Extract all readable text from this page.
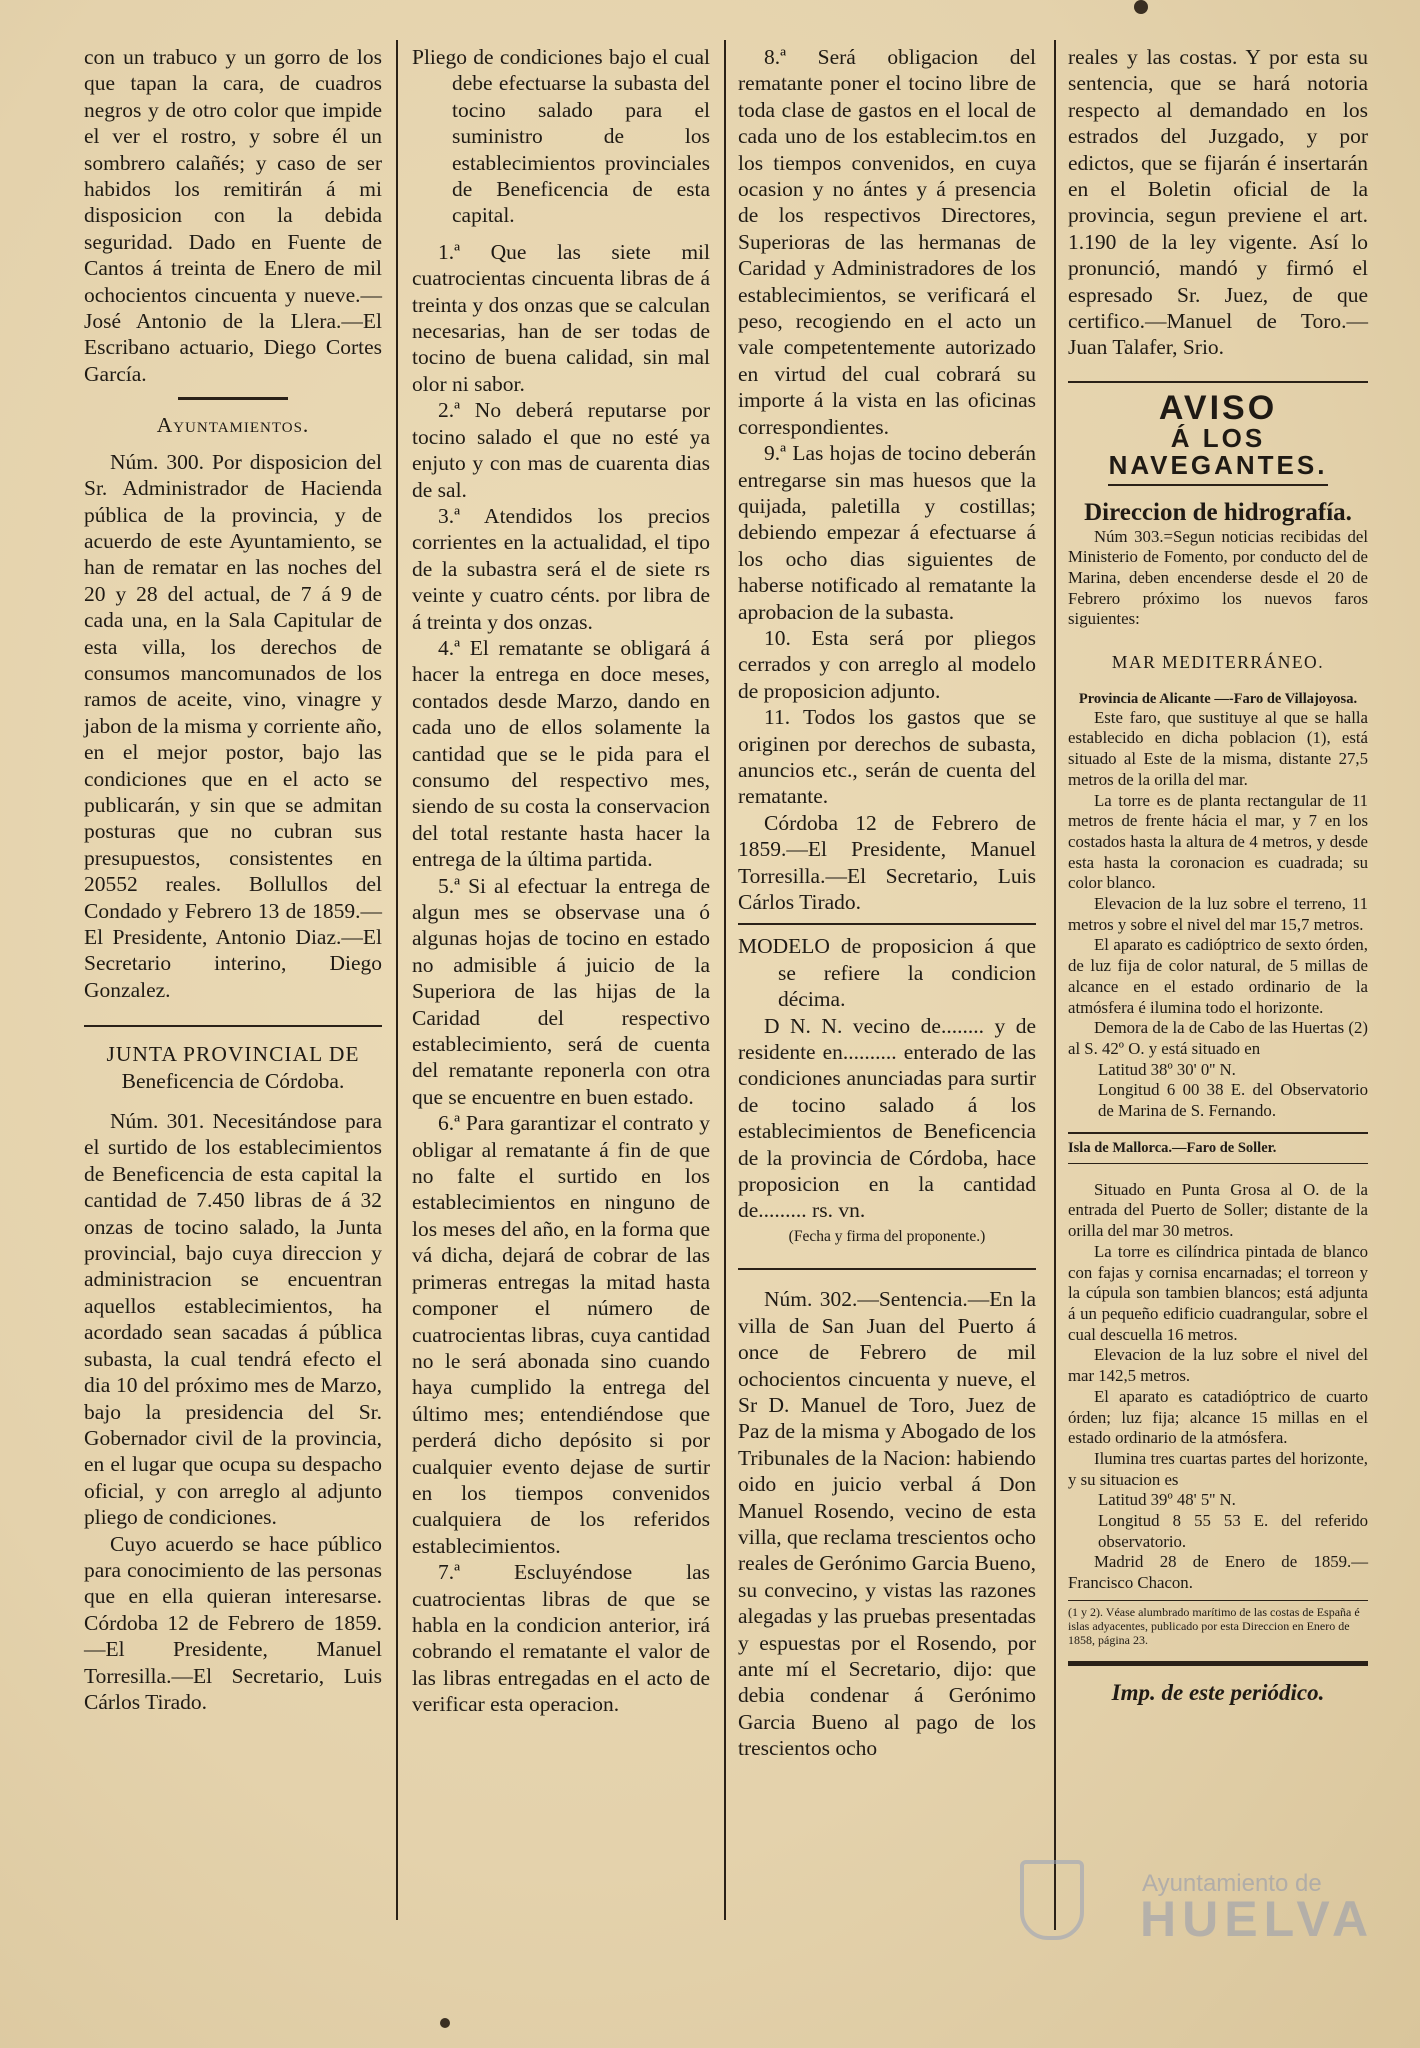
con un trabuco y un gorro de los que tapan la cara, de cuadros negros y de otro color que impide el ver el rostro, y sobre él un sombrero calañés; y caso de ser habidos los remitirán á mi disposicion con la debida seguridad. Dado en Fuente de Cantos á treinta de Enero de mil ochocientos cincuenta y nueve.—José Antonio de la Llera.—El Escribano actuario, Diego Cortes García.

Ayuntamientos.

Núm. 300. Por disposicion del Sr. Administrador de Hacienda pública de la provincia, y de acuerdo de este Ayuntamiento, se han de rematar en las noches del 20 y 28 del actual, de 7 á 9 de cada una, en la Sala Capitular de esta villa, los derechos de consumos mancomunados de los ramos de aceite, vino, vinagre y jabon de la misma y corriente año, en el mejor postor, bajo las condiciones que en el acto se publicarán, y sin que se admitan posturas que no cubran sus presupuestos, consistentes en 20552 reales. Bollullos del Condado y Febrero 13 de 1859.—El Presidente, Antonio Diaz.—El Secretario interino, Diego Gonzalez.

JUNTA PROVINCIAL DE

Beneficencia de Córdoba.

Núm. 301. Necesitándose para el surtido de los establecimientos de Beneficencia de esta capital la cantidad de 7.450 libras de á 32 onzas de tocino salado, la Junta provincial, bajo cuya direccion y administracion se encuentran aquellos establecimientos, ha acordado sean sacadas á pública subasta, la cual tendrá efecto el dia 10 del próximo mes de Marzo, bajo la presidencia del Sr. Gobernador civil de la provincia, en el lugar que ocupa su despacho oficial, y con arreglo al adjunto pliego de condiciones.

Cuyo acuerdo se hace público para conocimiento de las personas que en ella quieran interesarse. Córdoba 12 de Febrero de 1859.—El Presidente, Manuel Torresilla.—El Secretario, Luis Cárlos Tirado.

Pliego de condiciones bajo el cual debe efectuarse la subasta del tocino salado para el suministro de los establecimientos provinciales de Beneficencia de esta capital.

1.ª Que las siete mil cuatrocientas cincuenta libras de á treinta y dos onzas que se calculan necesarias, han de ser todas de tocino de buena calidad, sin mal olor ni sabor.

2.ª No deberá reputarse por tocino salado el que no esté ya enjuto y con mas de cuarenta dias de sal.

3.ª Atendidos los precios corrientes en la actualidad, el tipo de la subastra será el de siete rs veinte y cuatro cénts. por libra de á treinta y dos onzas.

4.ª El rematante se obligará á hacer la entrega en doce meses, contados desde Marzo, dando en cada uno de ellos solamente la cantidad que se le pida para el consumo del respectivo mes, siendo de su costa la conservacion del total restante hasta hacer la entrega de la última partida.

5.ª Si al efectuar la entrega de algun mes se observase una ó algunas hojas de tocino en estado no admisible á juicio de la Superiora de las hijas de la Caridad del respectivo establecimiento, será de cuenta del rematante reponerla con otra que se encuentre en buen estado.

6.ª Para garantizar el contrato y obligar al rematante á fin de que no falte el surtido en los establecimientos en ninguno de los meses del año, en la forma que vá dicha, dejará de cobrar de las primeras entregas la mitad hasta componer el número de cuatrocientas libras, cuya cantidad no le será abonada sino cuando haya cumplido la entrega del último mes; entendiéndose que perderá dicho depósito si por cualquier evento dejase de surtir en los tiempos convenidos cualquiera de los referidos establecimientos.

7.ª Escluyéndose las cuatrocientas libras de que se habla en la condicion anterior, irá cobrando el rematante el valor de las libras entregadas en el acto de verificar esta operacion.

8.ª Será obligacion del rematante poner el tocino libre de toda clase de gastos en el local de cada uno de los establecim.tos en los tiempos convenidos, en cuya ocasion y no ántes y á presencia de los respectivos Directores, Superioras de las hermanas de Caridad y Administradores de los establecimientos, se verificará el peso, recogiendo en el acto un vale competentemente autorizado en virtud del cual cobrará su importe á la vista en las oficinas correspondientes.

9.ª Las hojas de tocino deberán entregarse sin mas huesos que la quijada, paletilla y costillas; debiendo empezar á efectuarse á los ocho dias siguientes de haberse notificado al rematante la aprobacion de la subasta.

10. Esta será por pliegos cerrados y con arreglo al modelo de proposicion adjunto.

11. Todos los gastos que se originen por derechos de subasta, anuncios etc., serán de cuenta del rematante.

Córdoba 12 de Febrero de 1859.—El Presidente, Manuel Torresilla.—El Secretario, Luis Cárlos Tirado.

MODELO de proposicion á que se refiere la condicion décima.

D N. N. vecino de........ y de residente en.......... enterado de las condiciones anunciadas para surtir de tocino salado á los establecimientos de Beneficencia de la provincia de Córdoba, hace proposicion en la cantidad de......... rs. vn.

(Fecha y firma del proponente.)

Núm. 302.—Sentencia.—En la villa de San Juan del Puerto á once de Febrero de mil ochocientos cincuenta y nueve, el Sr D. Manuel de Toro, Juez de Paz de la misma y Abogado de los Tribunales de la Nacion: habiendo oido en juicio verbal á Don Manuel Rosendo, vecino de esta villa, que reclama trescientos ocho reales de Gerónimo Garcia Bueno, su convecino, y vistas las razones alegadas y las pruebas presentadas y espuestas por el Rosendo, por ante mí el Secretario, dijo: que debia condenar á Gerónimo Garcia Bueno al pago de los trescientos ocho

reales y las costas. Y por esta su sentencia, que se hará notoria respecto al demandado en los estrados del Juzgado, y por edictos, que se fijarán é insertarán en el Boletin oficial de la provincia, segun previene el art. 1.190 de la ley vigente. Así lo pronunció, mandó y firmó el espresado Sr. Juez, de que certifico.—Manuel de Toro.—Juan Talafer, Srio.

AVISO

Á LOS NAVEGANTES.

Direccion de hidrografía.

Núm 303.=Segun noticias recibidas del Ministerio de Fomento, por conducto del de Marina, deben encenderse desde el 20 de Febrero próximo los nuevos faros siguientes:

MAR MEDITERRÁNEO.

Provincia de Alicante —-Faro de Villajoyosa.

Este faro, que sustituye al que se halla establecido en dicha poblacion (1), está situado al Este de la misma, distante 27,5 metros de la orilla del mar.

La torre es de planta rectangular de 11 metros de frente hácia el mar, y 7 en los costados hasta la altura de 4 metros, y desde esta hasta la coronacion es cuadrada; su color blanco.

Elevacion de la luz sobre el terreno, 11 metros y sobre el nivel del mar 15,7 metros.

El aparato es cadióptrico de sexto órden, de luz fija de color natural, de 5 millas de alcance en el estado ordinario de la atmósfera é ilumina todo el horizonte.

Demora de la de Cabo de las Huertas (2) al S. 42º O. y está situado en

Latitud 38º 30' 0'' N.

Longitud 6 00 38 E. del Observatorio de Marina de S. Fernando.

Isla de Mallorca.—Faro de Soller.

Situado en Punta Grosa al O. de la entrada del Puerto de Soller; distante de la orilla del mar 30 metros.

La torre es cilíndrica pintada de blanco con fajas y cornisa encarnadas; el torreon y la cúpula son tambien blancos; está adjunta á un pequeño edificio cuadrangular, sobre el cual descuella 16 metros.

Elevacion de la luz sobre el nivel del mar 142,5 metros.

El aparato es catadióptrico de cuarto órden; luz fija; alcance 15 millas en el estado ordinario de la atmósfera.

Ilumina tres cuartas partes del horizonte, y su situacion es

Latitud 39º 48' 5'' N.

Longitud 8 55 53 E. del referido observatorio.

Madrid 28 de Enero de 1859.—Francisco Chacon.

(1 y 2). Véase alumbrado marítimo de las costas de España é islas adyacentes, publicado por esta Direccion en Enero de 1858, página 23.

Imp. de este periódico.

Ayuntamiento de
HUELVA
